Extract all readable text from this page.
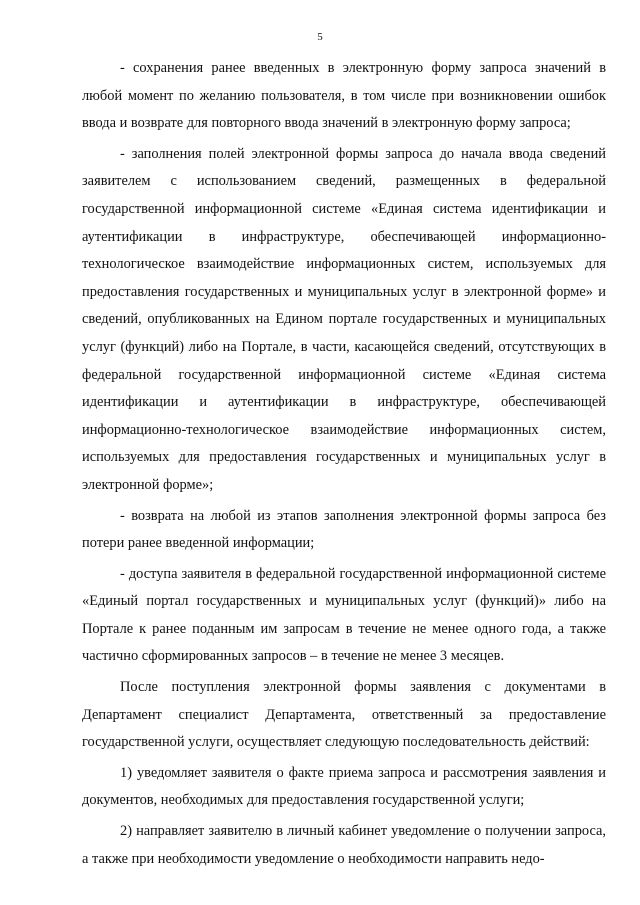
5

- сохранения ранее введенных в электронную форму запроса значений в любой момент по желанию пользователя, в том числе при возникновении ошибок ввода и возврате для повторного ввода значений в электронную форму запроса;

- заполнения полей электронной формы запроса до начала ввода сведений заявителем с использованием сведений, размещенных в федеральной государственной информационной системе «Единая система идентификации и аутентификации в инфраструктуре, обеспечивающей информационно-технологическое взаимодействие информационных систем, используемых для предоставления государственных и муниципальных услуг в электронной форме» и сведений, опубликованных на Едином портале государственных и муниципальных услуг (функций) либо на Портале, в части, касающейся сведений, отсутствующих в федеральной государственной информационной системе «Единая система идентификации и аутентификации в инфраструктуре, обеспечивающей информационно-технологическое взаимодействие информационных систем, используемых для предоставления государственных и муниципальных услуг в электронной форме»;

- возврата на любой из этапов заполнения электронной формы запроса без потери ранее введенной информации;

- доступа заявителя в федеральной государственной информационной системе «Единый портал государственных и муниципальных услуг (функций)» либо на Портале к ранее поданным им запросам в течение не менее одного года, а также частично сформированных запросов – в течение не менее 3 месяцев.

После поступления электронной формы заявления с документами в Департамент специалист Департамента, ответственный за предоставление государственной услуги, осуществляет следующую последовательность действий:

1) уведомляет заявителя о факте приема запроса и рассмотрения заявления и документов, необходимых для предоставления государственной услуги;

2) направляет заявителю в личный кабинет уведомление о получении запроса, а также при необходимости уведомление о необходимости направить недо-
